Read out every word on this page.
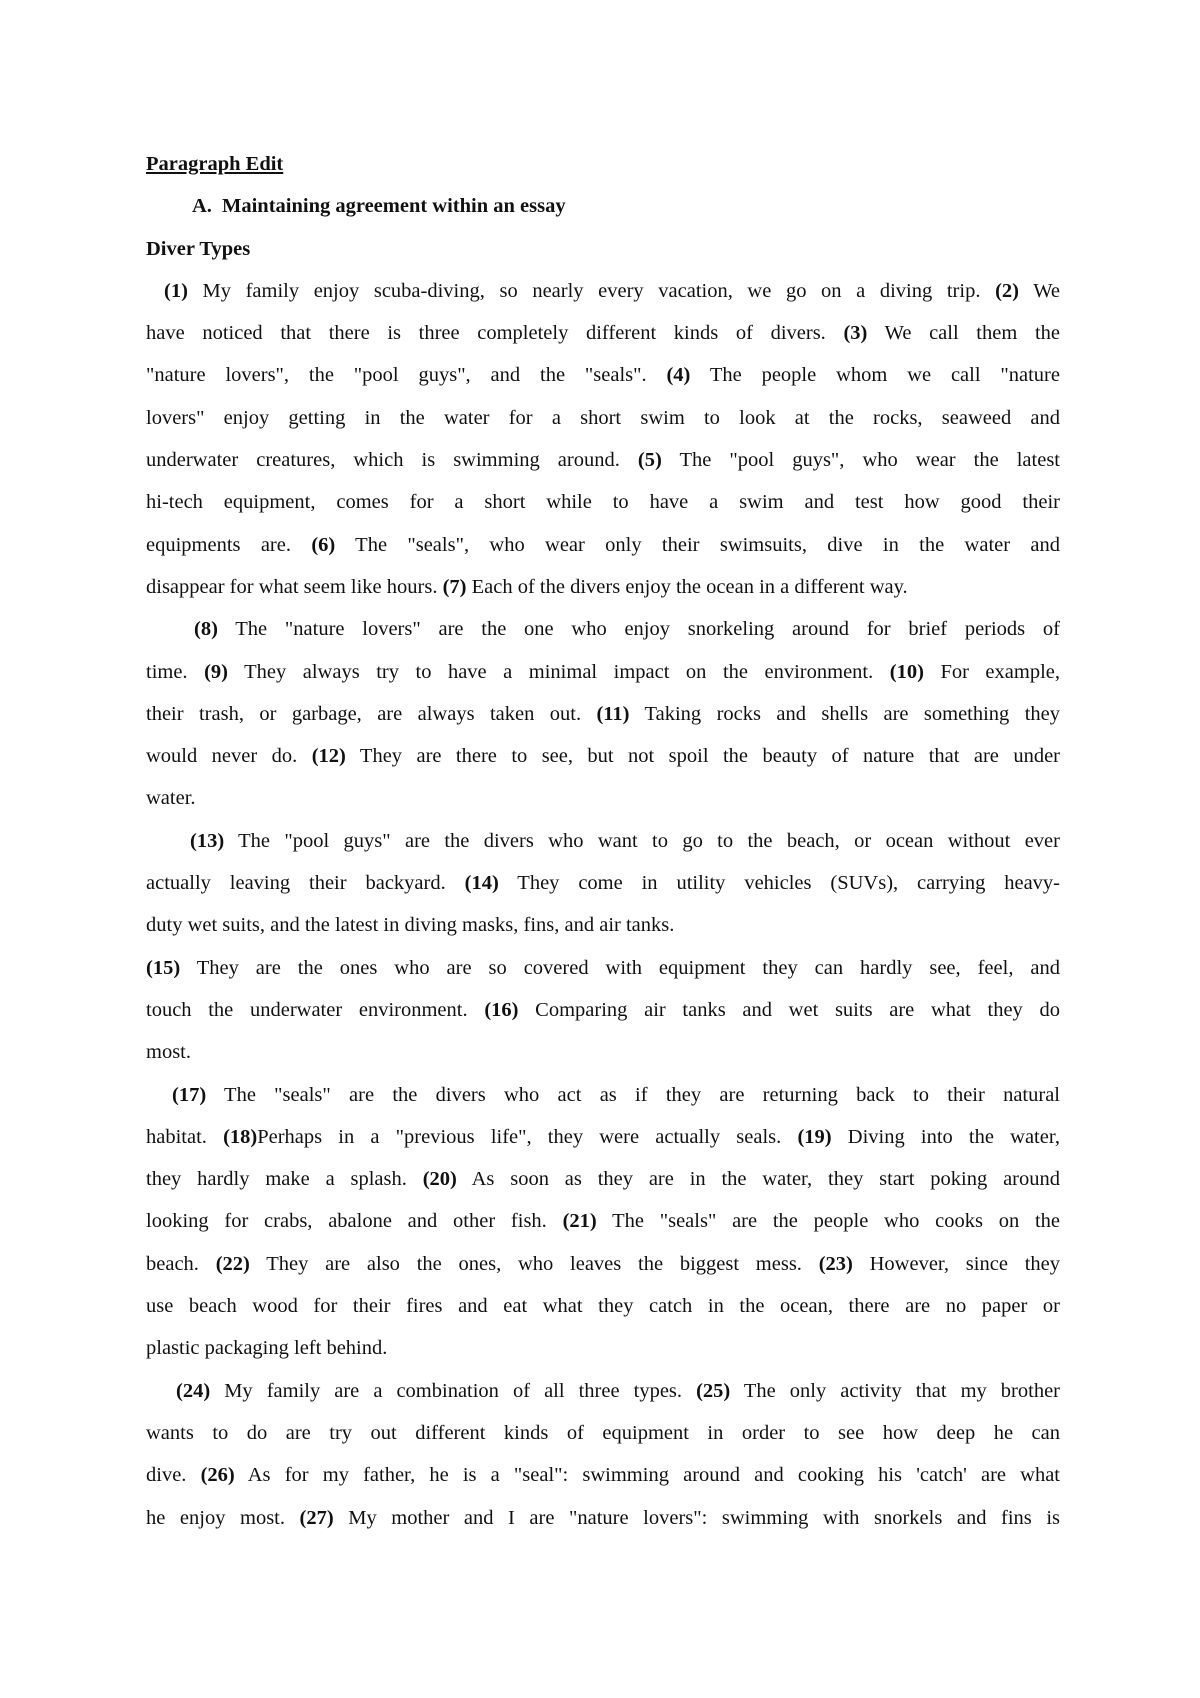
Paragraph Edit
A. Maintaining agreement within an essay
Diver Types
(1) My family enjoy scuba-diving, so nearly every vacation, we go on a diving trip. (2) We
have noticed that there is three completely different kinds of divers. (3) We call them the
"nature lovers", the "pool guys", and the "seals". (4) The people whom we call "nature
lovers" enjoy getting in the water for a short swim to look at the rocks, seaweed and
underwater creatures, which is swimming around. (5) The "pool guys", who wear the latest
hi-tech equipment, comes for a short while to have a swim and test how good their
equipments are. (6) The "seals", who wear only their swimsuits, dive in the water and
disappear for what seem like hours. (7) Each of the divers enjoy the ocean in a different way.
(8) The "nature lovers" are the one who enjoy snorkeling around for brief periods of
time. (9) They always try to have a minimal impact on the environment. (10) For example,
their trash, or garbage, are always taken out. (11) Taking rocks and shells are something they
would never do. (12) They are there to see, but not spoil the beauty of nature that are under
water.
(13) The "pool guys" are the divers who want to go to the beach, or ocean without ever
actually leaving their backyard. (14) They come in utility vehicles (SUVs), carrying heavy-
duty wet suits, and the latest in diving masks, fins, and air tanks.
(15) They are the ones who are so covered with equipment they can hardly see, feel, and
touch the underwater environment. (16) Comparing air tanks and wet suits are what they do
most.
(17) The "seals" are the divers who act as if they are returning back to their natural
habitat. (18)Perhaps in a "previous life", they were actually seals. (19) Diving into the water,
they hardly make a splash. (20) As soon as they are in the water, they start poking around
looking for crabs, abalone and other fish. (21) The "seals" are the people who cooks on the
beach. (22) They are also the ones, who leaves the biggest mess. (23) However, since they
use beach wood for their fires and eat what they catch in the ocean, there are no paper or
plastic packaging left behind.
(24) My family are a combination of all three types. (25) The only activity that my brother
wants to do are try out different kinds of equipment in order to see how deep he can
dive. (26) As for my father, he is a "seal": swimming around and cooking his 'catch' are what
he enjoy most. (27) My mother and I are "nature lovers": swimming with snorkels and fins is
